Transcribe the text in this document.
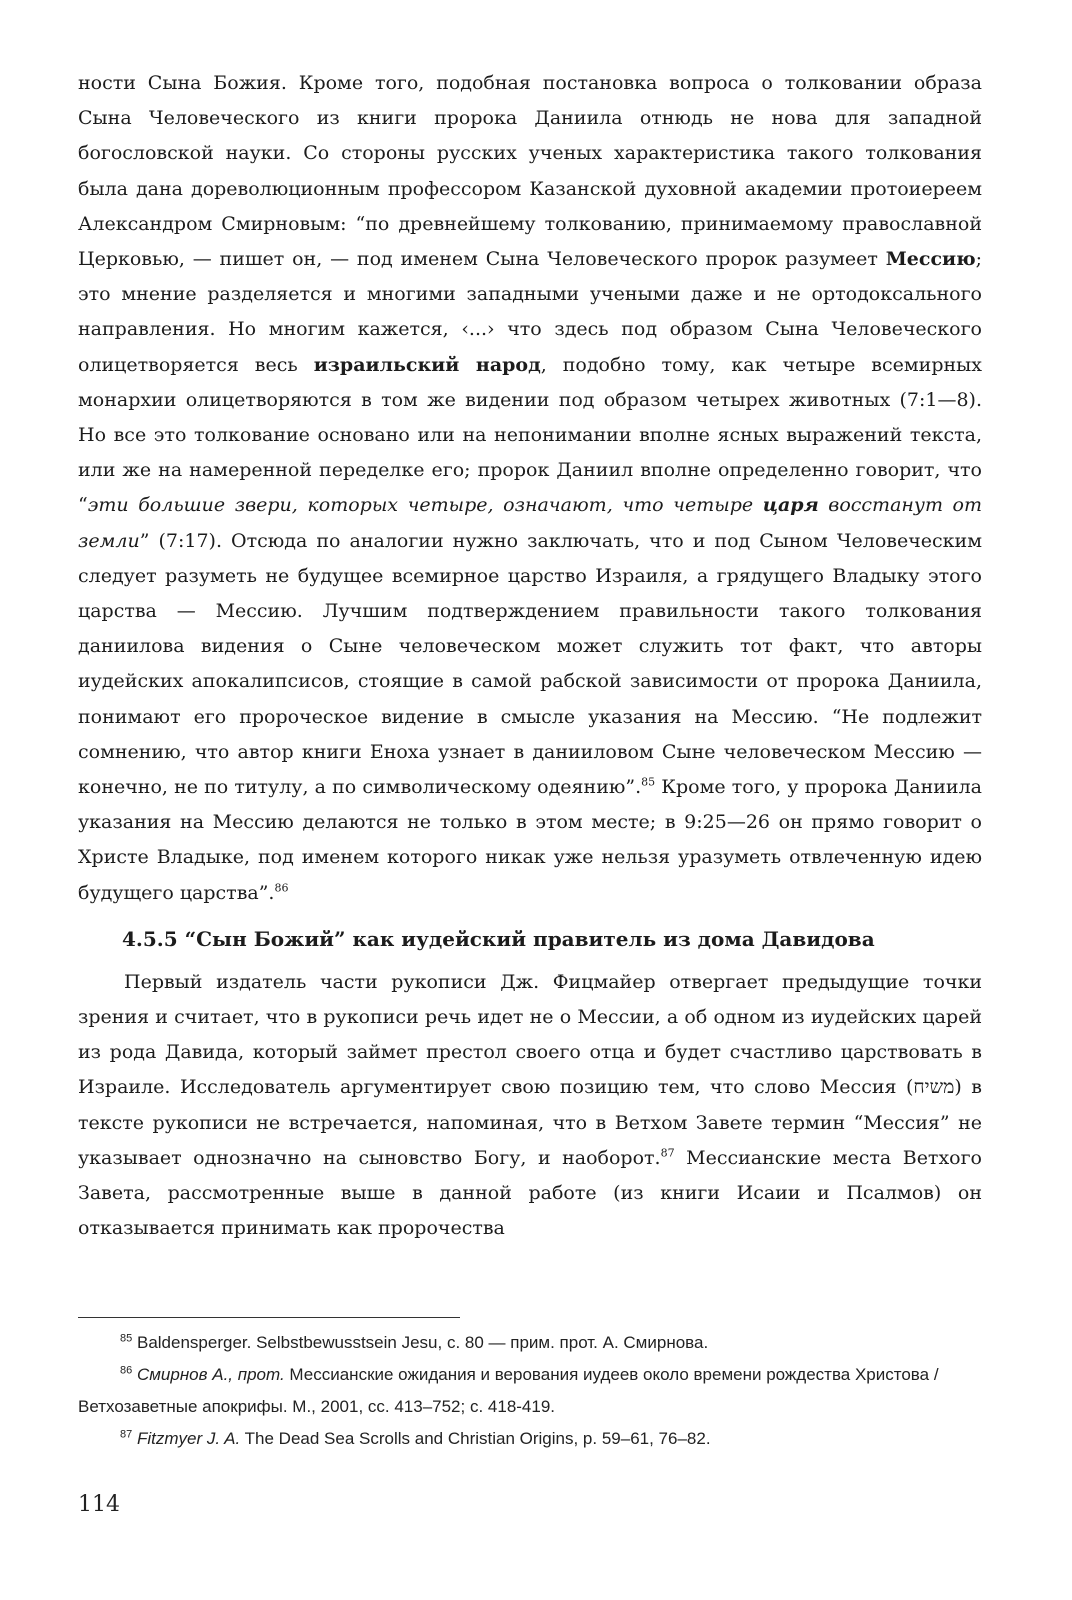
ности Сына Божия. Кроме того, подобная постановка вопроса о толковании образа Сына Человеческого из книги пророка Даниила отнюдь не нова для западной богословской науки. Со стороны русских ученых характеристика такого толкования была дана дореволюционным профессором Казанской духовной академии протоиереем Александром Смирновым: “по древнейшему толкованию, принимаемому православной Церковью, — пишет он, — под именем Сына Человеческого пророк разумеет Мессию; это мнение разделяется и многими западными учеными даже и не ортодоксального направления. Но многим кажется, ‹...› что здесь под образом Сына Человеческого олицетворяется весь израильский народ, подобно тому, как четыре всемирных монархии олицетворяются в том же видении под образом четырех животных (7:1—8). Но все это толкование основано или на непонимании вполне ясных выражений текста, или же на намеренной переделке его; пророк Даниил вполне определенно говорит, что “эти большие звери, которых четыре, означают, что четыре царя восстанут от земли” (7:17). Отсюда по аналогии нужно заключать, что и под Сыном Человеческим следует разуметь не будущее всемирное царство Израиля, а грядущего Владыку этого царства — Мессию. Лучшим подтверждением правильности такого толкования даниилова видения о Сыне человеческом может служить тот факт, что авторы иудейских апокалипсисов, стоящие в самой рабской зависимости от пророка Даниила, понимают его пророческое видение в смысле указания на Мессию. “Не подлежит сомнению, что автор книги Еноха узнает в данииловом Сыне человеческом Мессию — конечно, не по титулу, а по символическому одеянию”.$^{85}$ Кроме того, у пророка Даниила указания на Мессию делаются не только в этом месте; в 9:25—26 он прямо говорит о Христе Владыке, под именем которого никак уже нельзя уразуметь отвлеченную идею будущего царства”.$^{86}$

4.5.5 “Сын Божий” как иудейский правитель из дома Давидова

Первый издатель части рукописи Дж. Фицмайер отвергает предыдущие точки зрения и считает, что в рукописи речь идет не о Мессии, а об одном из иудейских царей из рода Давида, который займет престол своего отца и будет счастливо царствовать в Израиле. Исследователь аргументирует свою позицию тем, что слово Мессия (משיח) в тексте рукописи не встречается, напоминая, что в Ветхом Завете термин “Мессия” не указывает однозначно на сыновство Богу, и наоборот.$^{87}$ Мессианские места Ветхого Завета, рассмотренные выше в данной работе (из книги Исаии и Псалмов) он отказывается принимать как пророчества

$^{85}$ Baldensperger. Selbstbewusstsein Jesu, с. 80 — прим. прот. А. Смирнова.

$^{86}$ Смирнов А., прот. Мессианские ожидания и верования иудеев около времени рождества Христова / Ветхозаветные апокрифы. М., 2001, сс. 413–752; с. 418-419.

$^{87}$ Fitzmyer J. A. The Dead Sea Scrolls and Christian Origins, p. 59–61, 76–82.

114
